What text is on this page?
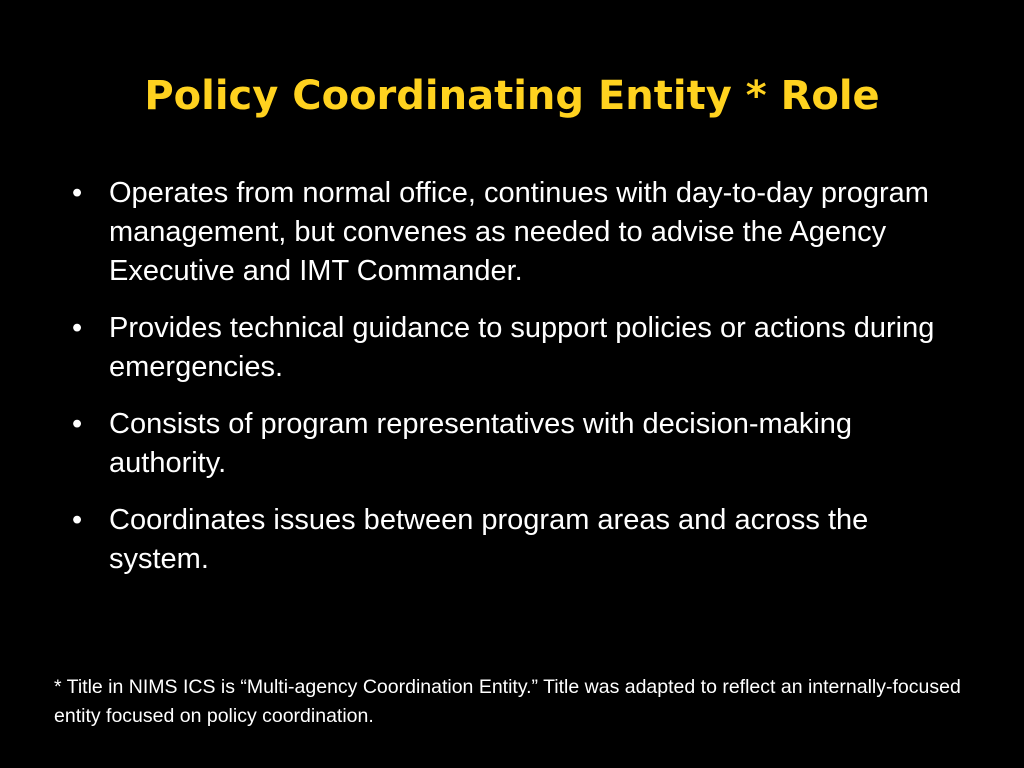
Policy Coordinating Entity * Role
• Operates from normal office, continues with day-to-day program management, but convenes as needed to advise the Agency Executive and IMT Commander.
• Provides technical guidance to support policies or actions during emergencies.
• Consists of program representatives with decision-making authority.
• Coordinates issues between program areas and across the system.

* Title in NIMS ICS is “Multi-agency Coordination Entity.” Title was adapted to reflect an internally-focused entity focused on policy coordination.
